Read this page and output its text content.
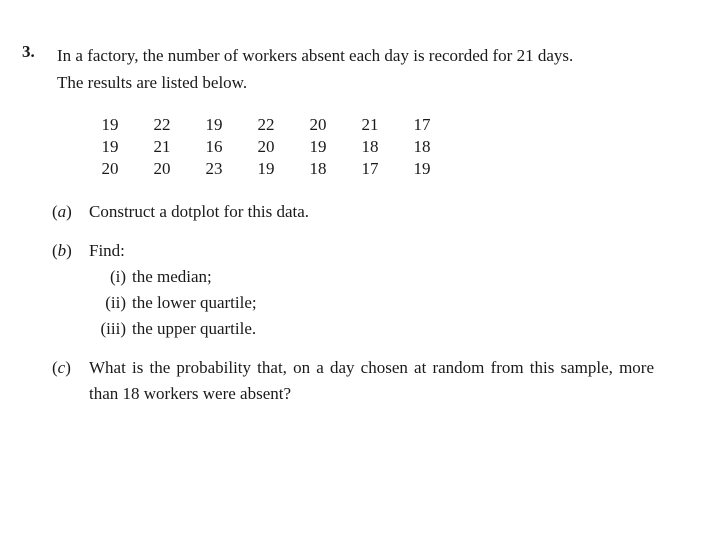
3. In a factory, the number of workers absent each day is recorded for 21 days.
The results are listed below.
19	22	19	22	20	21	17
19	21	16	20	19	18	18
20	20	23	19	18	17	19
(a) Construct a dotplot for this data.
(b) Find:
(i) the median;
(ii) the lower quartile;
(iii) the upper quartile.
(c) What is the probability that, on a day chosen at random from this sample, more than 18 workers were absent?
